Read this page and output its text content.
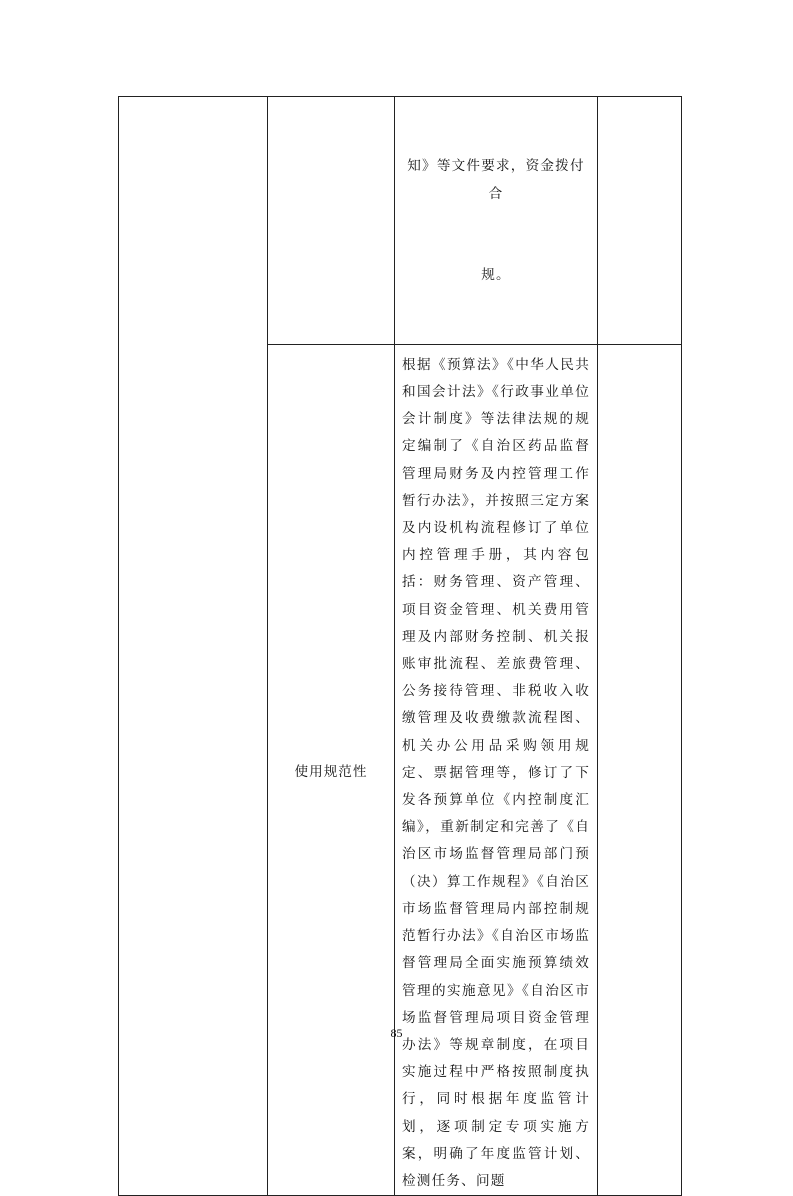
		知》等文件要求，资金拨付合

规。	

	使用规范性	根据《预算法》《中华人民共和国会计法》《行政事业单位会计制度》等法律法规的规定编制了《自治区药品监督管理局财务及内控管理工作暂行办法》，并按照三定方案及内设机构流程修订了单位内控管理手册，其内容包括：财务管理、资产管理、项目资金管理、机关费用管理及内部财务控制、机关报账审批流程、差旅费管理、公务接待管理、非税收入收缴管理及收费缴款流程图、机关办公用品采购领用规定、票据管理等，修订了下发各预算单位《内控制度汇编》，重新制定和完善了《自治区市场监督管理局部门预（决）算工作规程》《自治区市场监督管理局内部控制规范暂行办法》《自治区市场监督管理局全面实施预算绩效管理的实施意见》《自治区市场监督管理局项目资金管理办法》等规章制度，在项目实施过程中严格按照制度执行，同时根据年度监管计划，逐项制定专项实施方案，明确了年度监管计划、检测任务、问题	

85
